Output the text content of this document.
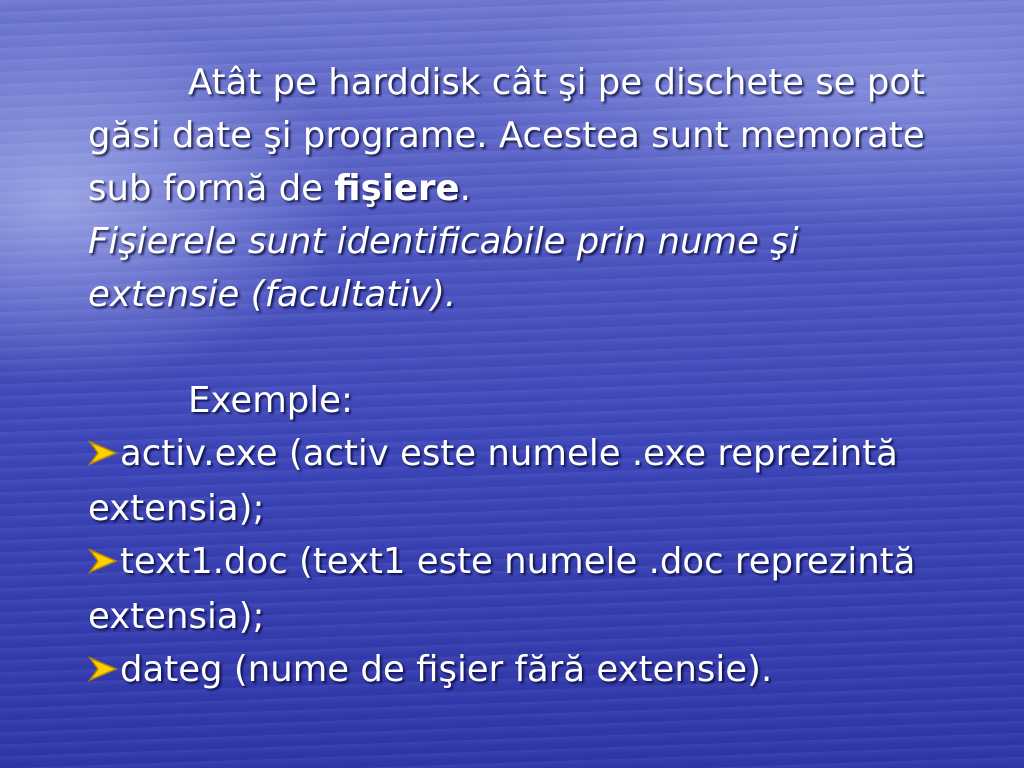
Atât pe harddisk cât şi pe dischete se pot găsi date şi programe. Acestea sunt memorate sub formă de fişiere.
Fişierele sunt identificabile prin nume şi extensie (facultativ).
Exemple:
activ.exe (activ este numele .exe reprezintă extensia);
text1.doc (text1 este numele .doc reprezintă extensia);
dateg (nume de fişier fără extensie).
